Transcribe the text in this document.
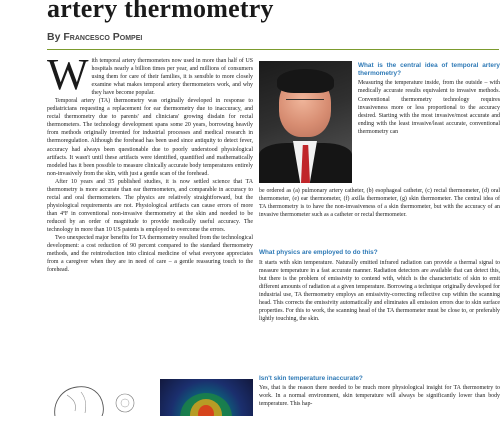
artery thermometry
By Francesco Pompei

With temporal artery thermometers now used in more than half of US hospitals nearly a billion times per year, and millions of consumers using them for care of their families, it is sensible to more closely examine what makes temporal artery thermometers work, and why they have become popular.

Temporal artery (TA) thermometry was originally developed in response to pediatricians requesting a replacement for ear thermometry due to inaccuracy, and rectal thermometry due to parents' and clinicians' growing disdain for rectal thermometers. The technology development spans some 20 years, borrowing heavily from methods originally invented for industrial processes and medical research in thermoregulation. Although the forehead has been used since antiquity to detect fever, accuracy had always been questionable due to poorly understood physiological artifacts. It wasn't until these artifacts were identified, quantified and mathematically modeled has it been possible to measure clinically accurate body temperatures entirely non-invasively from the skin, with just a gentle scan of the forehead.

After 10 years and 35 published studies, it is now settled science that TA thermometry is more accurate than ear thermometers, and comparable in accuracy to rectal and oral thermometers. The physics are relatively straightforward, but the physiological requirements are not. Physiological artifacts can cause errors of more than 4ºF in conventional non-invasive thermometry at the skin and needed to be reduced by an order of magnitude to provide medically useful accuracy. The technology in more than 10 US patents is employed to overcome the errors.

Two unexpected major benefits for TA thermometry resulted from the technological development: a cost reduction of 90 percent compared to the standard thermometry methods, and the reintroduction into clinical medicine of what everyone appreciates from a caregiver when they are in need of care – a gentle reassuring touch to the forehead.

What is the central idea of temporal artery thermometry?
Measuring the temperature inside, from the outside – with medically accurate results equivalent to invasive methods. Conventional thermometry technology requires invasiveness more or less proportional to the accuracy desired. Starting with the most invasive/most accurate and ending with the least invasive/least accurate, conventional thermometry can
be ordered as (a) pulmonary artery catheter, (b) esophageal catheter, (c) rectal thermometer, (d) oral thermometer, (e) ear thermometer, (f) axilla thermometer, (g) skin thermometer. The central idea of TA thermometry is to have the non-invasiveness of a skin thermometer, but with the accuracy of an invasive thermometer such as a catheter or rectal thermometer.
What physics are employed to do this?
It starts with skin temperature. Naturally emitted infrared radiation can provide a thermal signal to measure temperature in a fast accurate manner. Radiation detectors are available that can detect this, but there is the problem of emissivity to contend with, which is the characteristic of skin to emit different amounts of radiation at a given temperature. Borrowing a technique originally developed for industrial use, TA thermometry employs an emissivity-correcting reflective cup within the scanning head. This corrects the emissivity automatically and eliminates all emission errors due to skin surface properties. For this to work, the scanning head of the TA thermometer must be close to, or preferably lightly touching, the skin.
Isn't skin temperature inaccurate?
Yes, that is the reason there needed to be much more physiological insight for TA thermometry to work. In a normal environment, skin temperature will always be significantly lower than body temperature. This hap-
